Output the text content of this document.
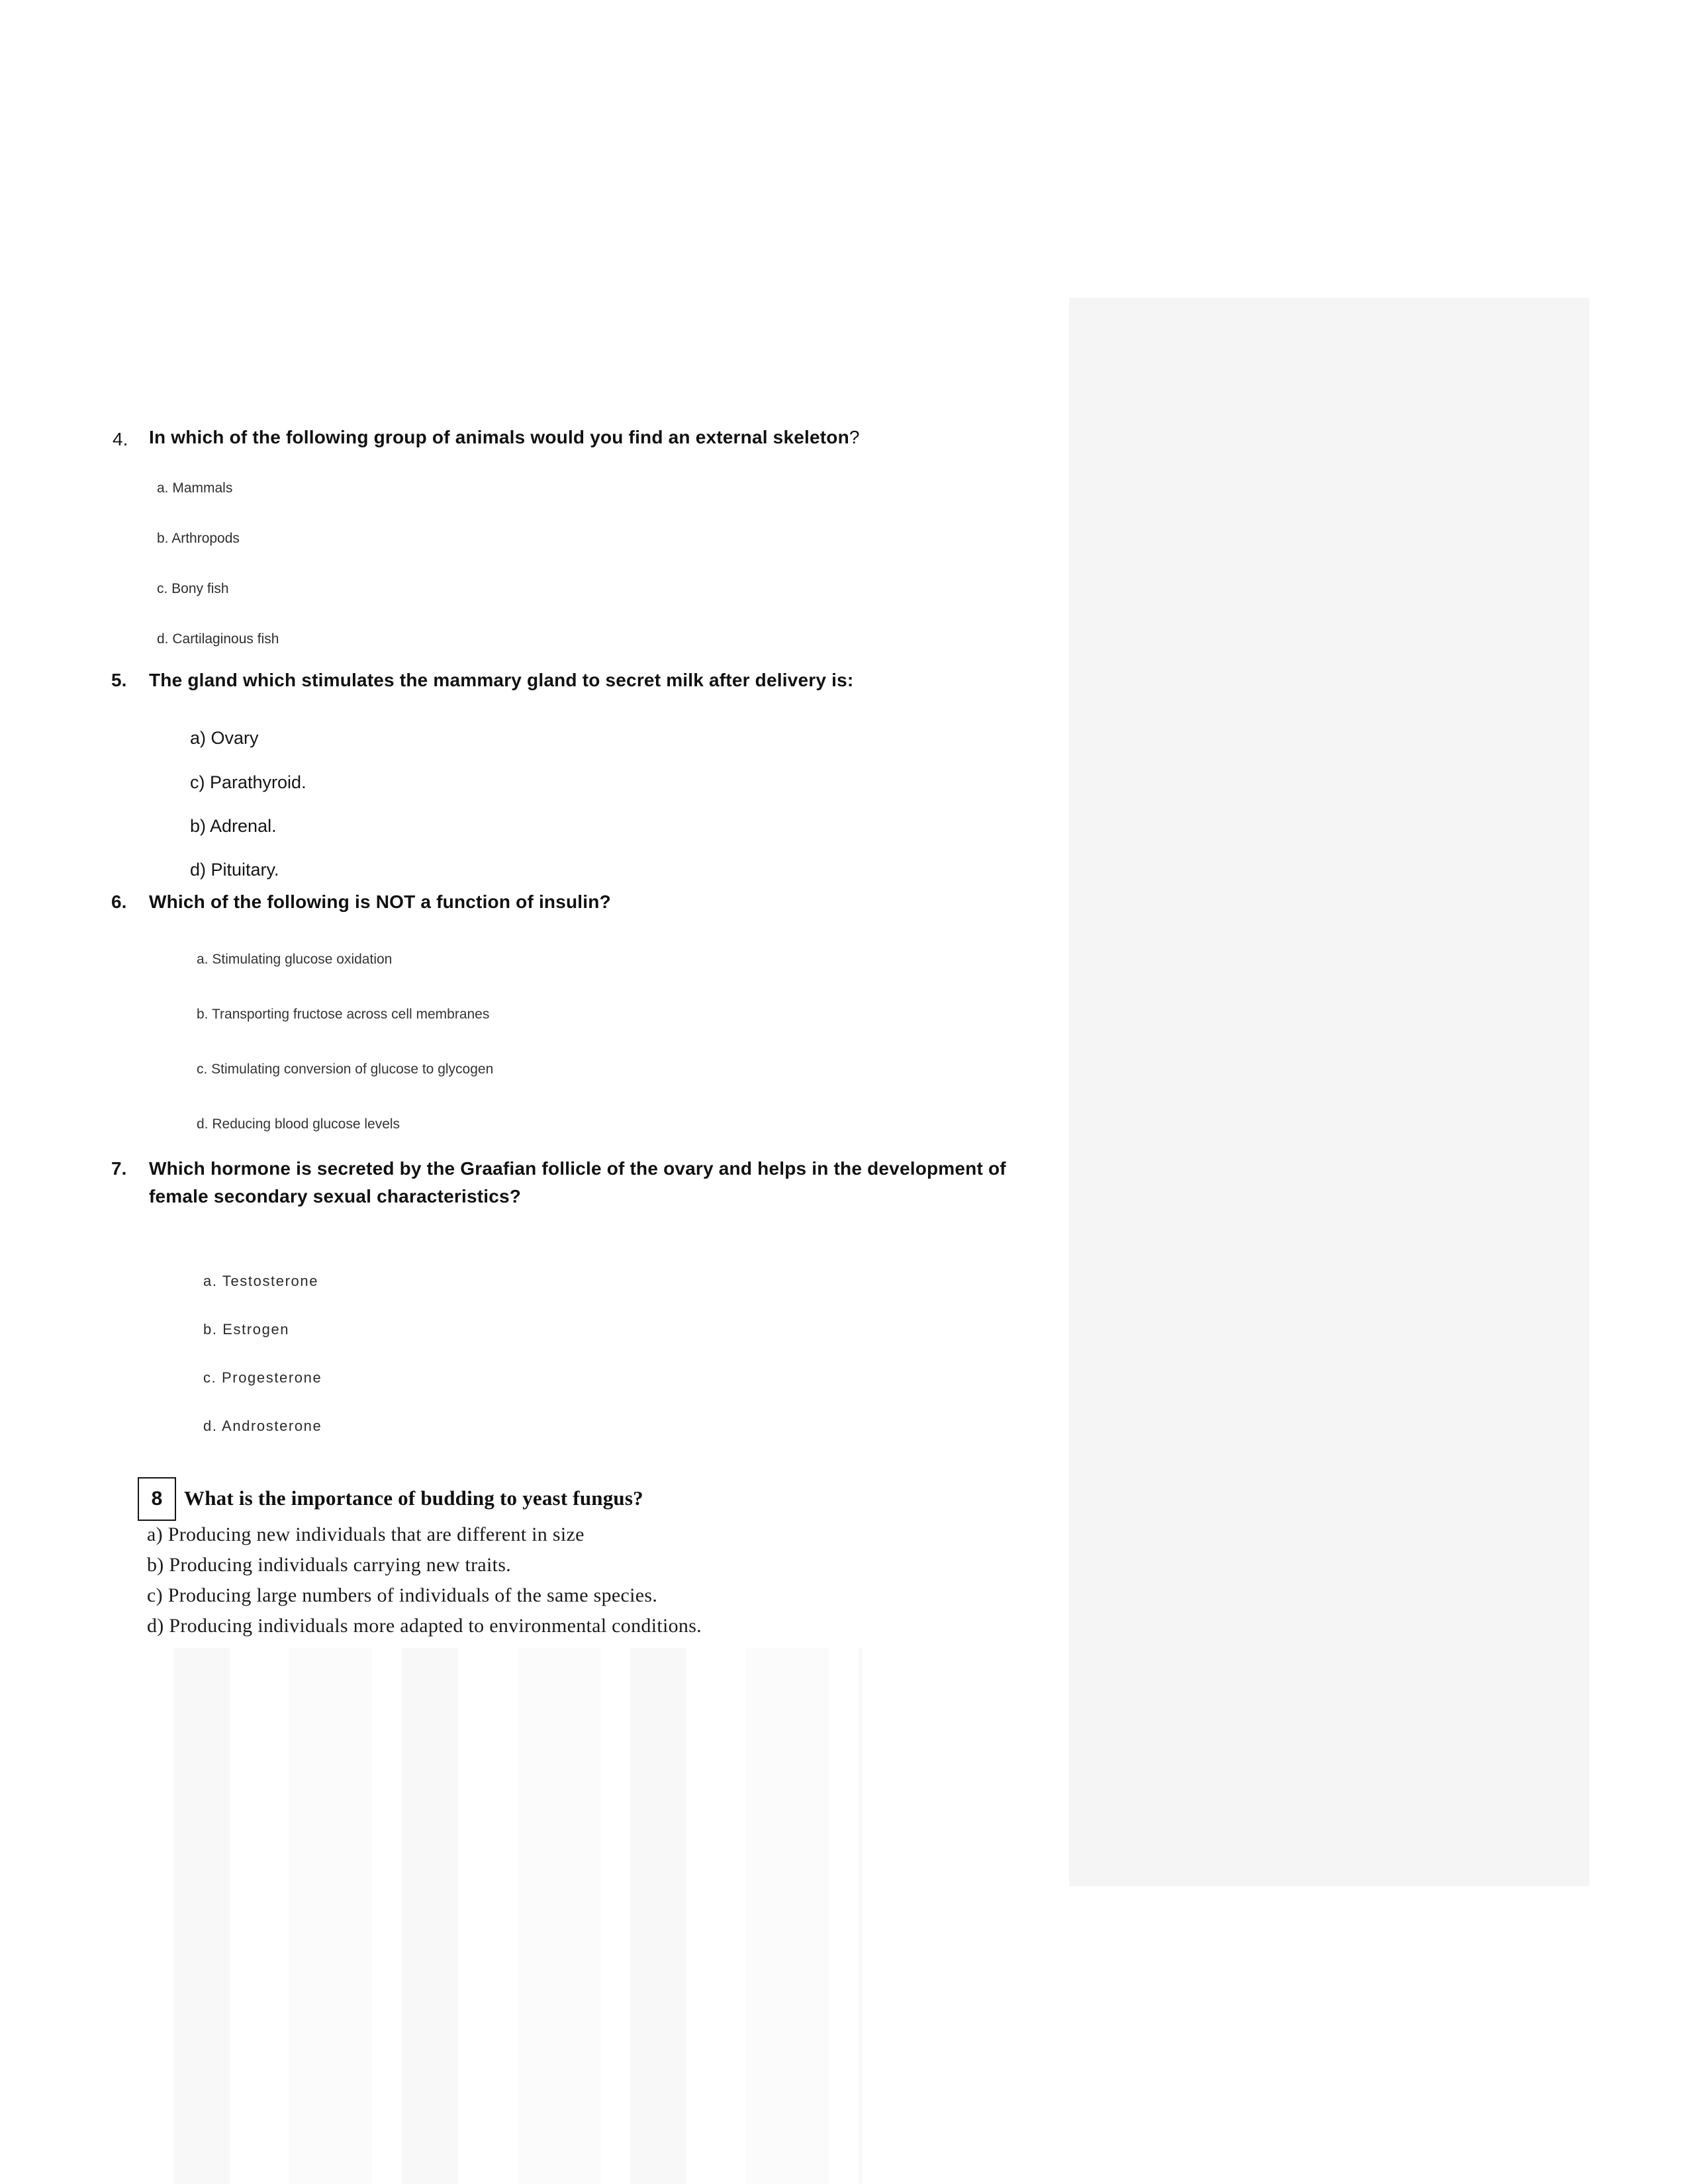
4. In which of the following group of animals would you find an external skeleton?
a. Mammals
b. Arthropods
c. Bony fish
d. Cartilaginous fish
5. The gland which stimulates the mammary gland to secret milk after delivery is:
a) Ovary
c) Parathyroid.
b) Adrenal.
d) Pituitary.
6. Which of the following is NOT a function of insulin?
a. Stimulating glucose oxidation
b. Transporting fructose across cell membranes
c. Stimulating conversion of glucose to glycogen
d. Reducing blood glucose levels
7. Which hormone is secreted by the Graafian follicle of the ovary and helps in the development of
female secondary sexual characteristics?
a. Testosterone
b. Estrogen
c. Progesterone
d. Androsterone
8 What is the importance of budding to yeast fungus?
a) Producing new individuals that are different in size
b) Producing individuals carrying new traits.
c) Producing large numbers of individuals of the same species.
d) Producing individuals more adapted to environmental conditions.
